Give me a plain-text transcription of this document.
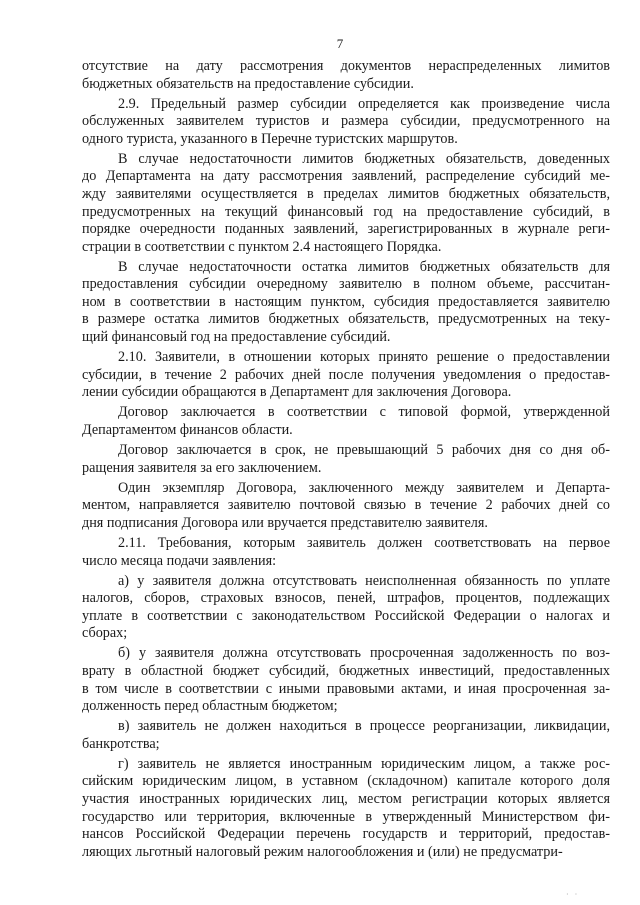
7
отсутствие на дату рассмотрения документов нераспределенных лимитов
бюджетных обязательств на предоставление субсидии.
2.9. Предельный размер субсидии определяется как произведение числа
обслуженных заявителем туристов и размера субсидии, предусмотренного на
одного туриста, указанного в Перечне туристских маршрутов.
В случае недостаточности лимитов бюджетных обязательств, доведенных
до Департамента на дату рассмотрения заявлений, распределение субсидий ме-
жду заявителями осуществляется в пределах лимитов бюджетных обязательств,
предусмотренных на текущий финансовый год на предоставление субсидий, в
порядке очередности поданных заявлений, зарегистрированных в журнале реги-
страции в соответствии с пунктом 2.4 настоящего Порядка.
В случае недостаточности остатка лимитов бюджетных обязательств для
предоставления субсидии очередному заявителю в полном объеме, рассчитан-
ном в соответствии в настоящим пунктом, субсидия предоставляется заявителю
в размере остатка лимитов бюджетных обязательств, предусмотренных на теку-
щий финансовый год на предоставление субсидий.
2.10. Заявители, в отношении которых принято решение о предоставлении
субсидии, в течение 2 рабочих дней после получения уведомления о предостав-
лении субсидии обращаются в Департамент для заключения Договора.
Договор заключается в соответствии с типовой формой, утвержденной
Департаментом финансов области.
Договор заключается в срок, не превышающий 5 рабочих дня со дня об-
ращения заявителя за его заключением.
Один экземпляр Договора, заключенного между заявителем и Департа-
ментом, направляется заявителю почтовой связью в течение 2 рабочих дней со
дня подписания Договора или вручается представителю заявителя.
2.11. Требования, которым заявитель должен соответствовать на первое
число месяца подачи заявления:
а) у заявителя должна отсутствовать неисполненная обязанность по уплате
налогов, сборов, страховых взносов, пеней, штрафов, процентов, подлежащих
уплате в соответствии с законодательством Российской Федерации о налогах и
сборах;
б) у заявителя должна отсутствовать просроченная задолженность по воз-
врату в областной бюджет субсидий, бюджетных инвестиций, предоставленных
в том числе в соответствии с иными правовыми актами, и иная просроченная за-
долженность перед областным бюджетом;
в) заявитель не должен находиться в процессе реорганизации, ликвидации,
банкротства;
г) заявитель не является иностранным юридическим лицом, а также рос-
сийским юридическим лицом, в уставном (складочном) капитале которого доля
участия иностранных юридических лиц, местом регистрации которых является
государство или территория, включенные в утвержденный Министерством фи-
нансов Российской Федерации перечень государств и территорий, предостав-
ляющих льготный налоговый режим налогообложения и (или) не предусматри-
· ·
